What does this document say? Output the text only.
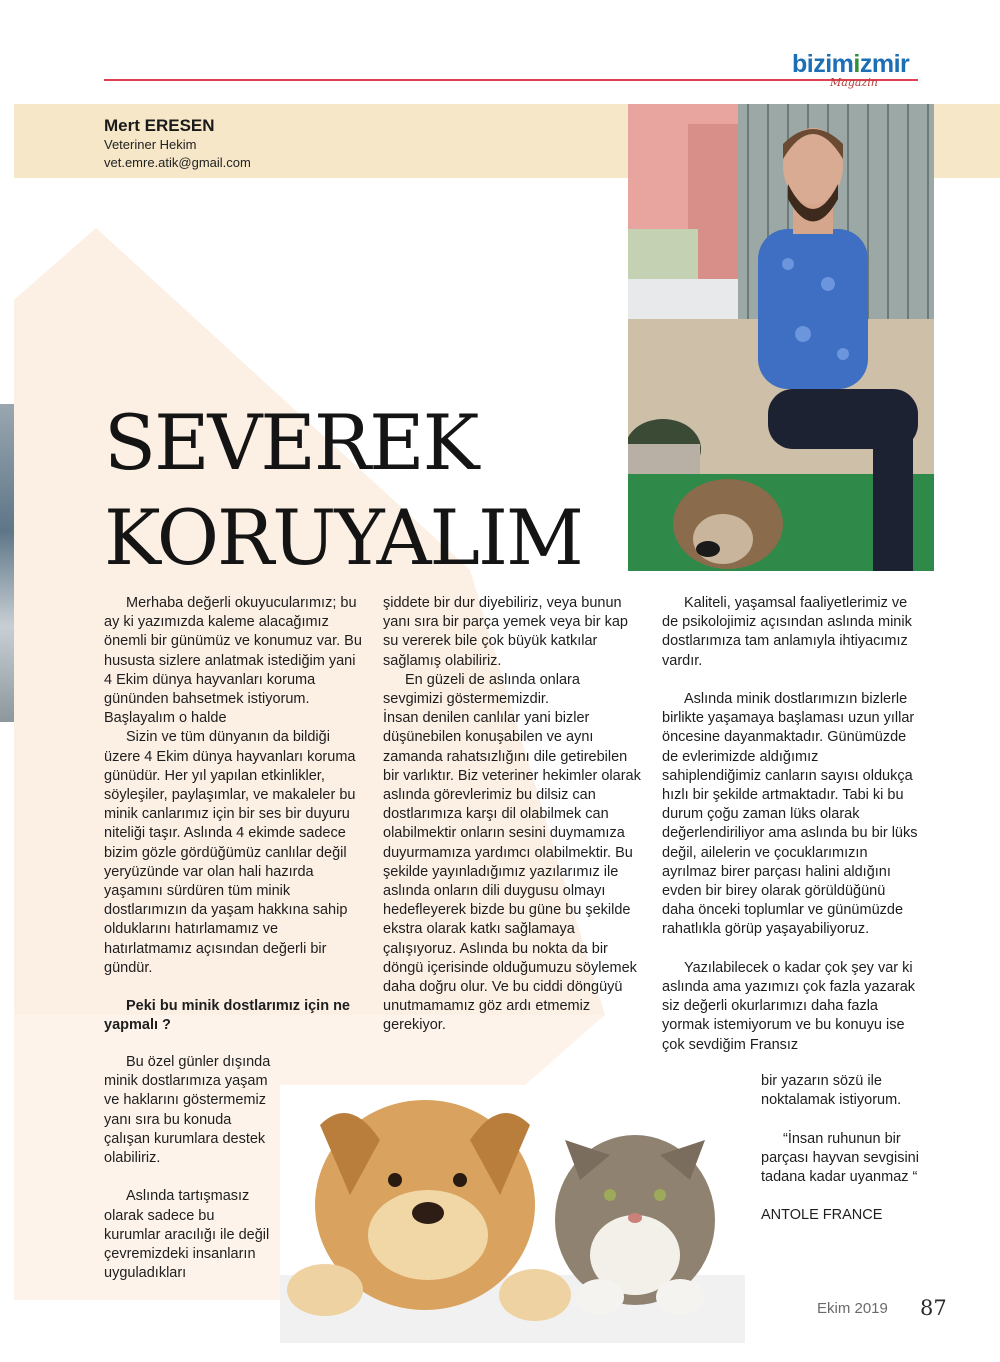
bizimizmir
Magazin
Mert ERESEN
Veteriner Hekim
vet.emre.atik@gmail.com
SEVEREK
KORUYALIM

Merhaba değerli okuyucularımız; bu ay ki yazımızda kaleme alacağımız önemli bir günümüz ve konumuz var. Bu hususta sizlere anlatmak istediğim yani 4 Ekim dünya hayvanları koruma gününden bahsetmek istiyorum. Başlayalım o halde

Sizin ve tüm dünyanın da bildiği üzere 4 Ekim dünya hayvanları koruma günüdür. Her yıl yapılan etkinlikler, söyleşiler, paylaşımlar, ve makaleler bu minik canlarımız için bir ses bir duyuru niteliği taşır. Aslında 4 ekimde sadece bizim gözle gördüğümüz canlılar değil yeryüzünde var olan hali hazırda yaşamını sürdüren tüm minik dostlarımızın da yaşam hakkına sahip olduklarını hatırlamamız ve hatırlatmamız açısından değerli bir gündür.

Peki bu minik dostlarımız için ne yapmalı ?

Bu özel günler dışında minik dostlarımıza yaşam ve haklarını göstermemiz yanı sıra bu konuda çalışan kurumlara destek olabiliriz.

Aslında tartışmasız olarak sadece bu kurumlar aracılığı ile değil çevremizdeki insanların uyguladıkları

şiddete bir dur diyebiliriz, veya bunun yanı sıra bir parça yemek veya bir kap su vererek bile çok büyük katkılar sağlamış olabiliriz.

En güzeli de aslında onlara sevgimizi göstermemizdir.

İnsan denilen canlılar yani bizler düşünebilen konuşabilen ve aynı zamanda rahatsızlığını dile getirebilen bir varlıktır. Biz veteriner hekimler olarak aslında görevlerimiz bu dilsiz can dostlarımıza karşı dil olabilmek can olabilmektir onların sesini duymamıza duyurmamıza yardımcı olabilmektir. Bu şekilde yayınladığımız yazılarımız ile aslında onların dili duygusu olmayı hedefleyerek bizde bu güne bu şekilde ekstra olarak katkı sağlamaya çalışıyoruz. Aslında bu nokta da bir döngü içerisinde olduğumuzu söylemek daha doğru olur. Ve bu ciddi döngüyü unutmamamız göz ardı etmemiz gerekiyor.

Kaliteli, yaşamsal faaliyetlerimiz ve de psikolojimiz açısından aslında minik dostlarımıza tam anlamıyla ihtiyacımız vardır.

Aslında minik dostlarımızın bizlerle birlikte yaşamaya başlaması uzun yıllar öncesine dayanmaktadır. Günümüzde de evlerimizde aldığımız sahiplendiğimiz canların sayısı oldukça hızlı bir şekilde artmaktadır. Tabi ki bu durum çoğu zaman lüks olarak değerlendiriliyor ama aslında bu bir lüks değil, ailelerin ve çocuklarımızın ayrılmaz birer parçası halini aldığını evden bir birey olarak görüldüğünü daha önceki toplumlar ve günümüzde rahatlıkla görüp yaşayabiliyoruz.

Yazılabilecek o kadar çok şey var ki aslında ama yazımızı çok fazla yazarak siz değerli okurlarımızı daha fazla yormak istemiyorum ve bu konuyu ise çok sevdiğim Fransız

bir yazarın sözü ile noktalamak istiyorum.

“İnsan ruhunun bir parçası hayvan sevgisini tadana kadar uyanmaz “

ANTOLE FRANCE

Ekim 2019 87
